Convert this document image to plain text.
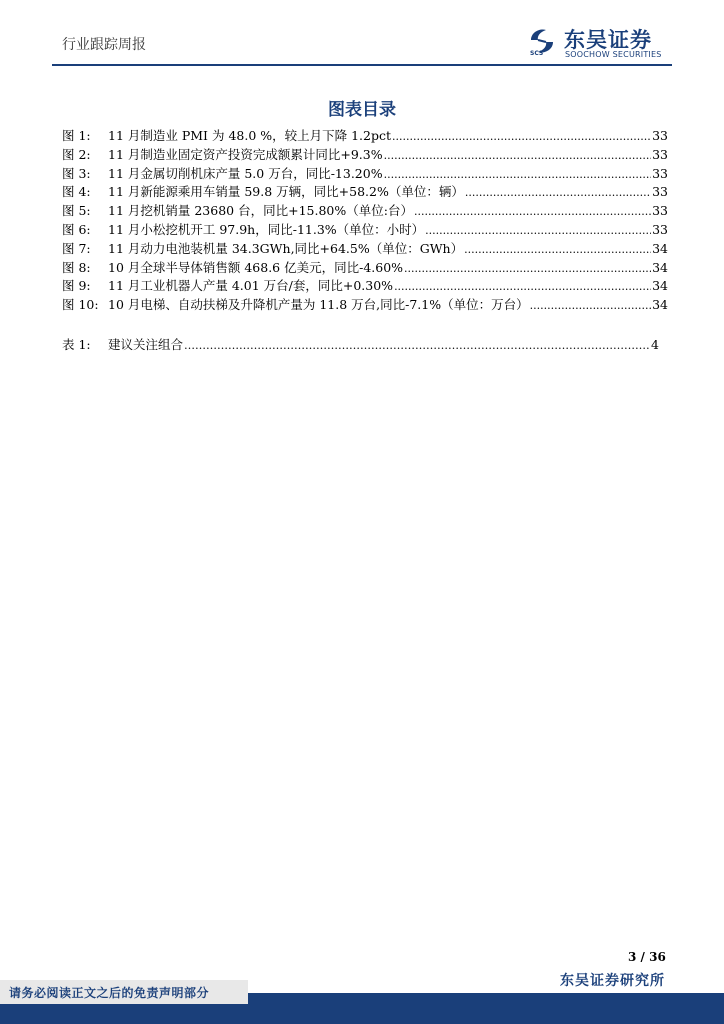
行业跟踪周报
SCS
东吴证券
SOOCHOW SECURITIES
图表目录
图 1:	11 月制造业 PMI 为 48.0 %，较上月下降 1.2pct .....	33
图 2:	11 月制造业固定资产投资完成额累计同比+9.3% .....	33
图 3:	11 月金属切削机床产量 5.0 万台，同比-13.20% .....	33
图 4:	11 月新能源乘用车销量 59.8 万辆，同比+58.2%（单位：辆） .....	33
图 5:	11 月挖机销量 23680 台，同比+15.80%（单位:台） .....	33
图 6:	11 月小松挖机开工 97.9h，同比-11.3%（单位：小时） .....	33
图 7:	11 月动力电池装机量 34.3GWh,同比+64.5%（单位：GWh） .....	34
图 8:	10 月全球半导体销售额 468.6 亿美元，同比-4.60% .....	34
图 9:	11 月工业机器人产量 4.01 万台/套，同比+0.30% .....	34
图 10: 10 月电梯、自动扶梯及升降机产量为 11.8 万台,同比-7.1%（单位：万台） .....	34
表 1:	建议关注组合 …………………………………………………………………………………………………………………………	4
3 / 36
东吴证券研究所
请务必阅读正文之后的免责声明部分
